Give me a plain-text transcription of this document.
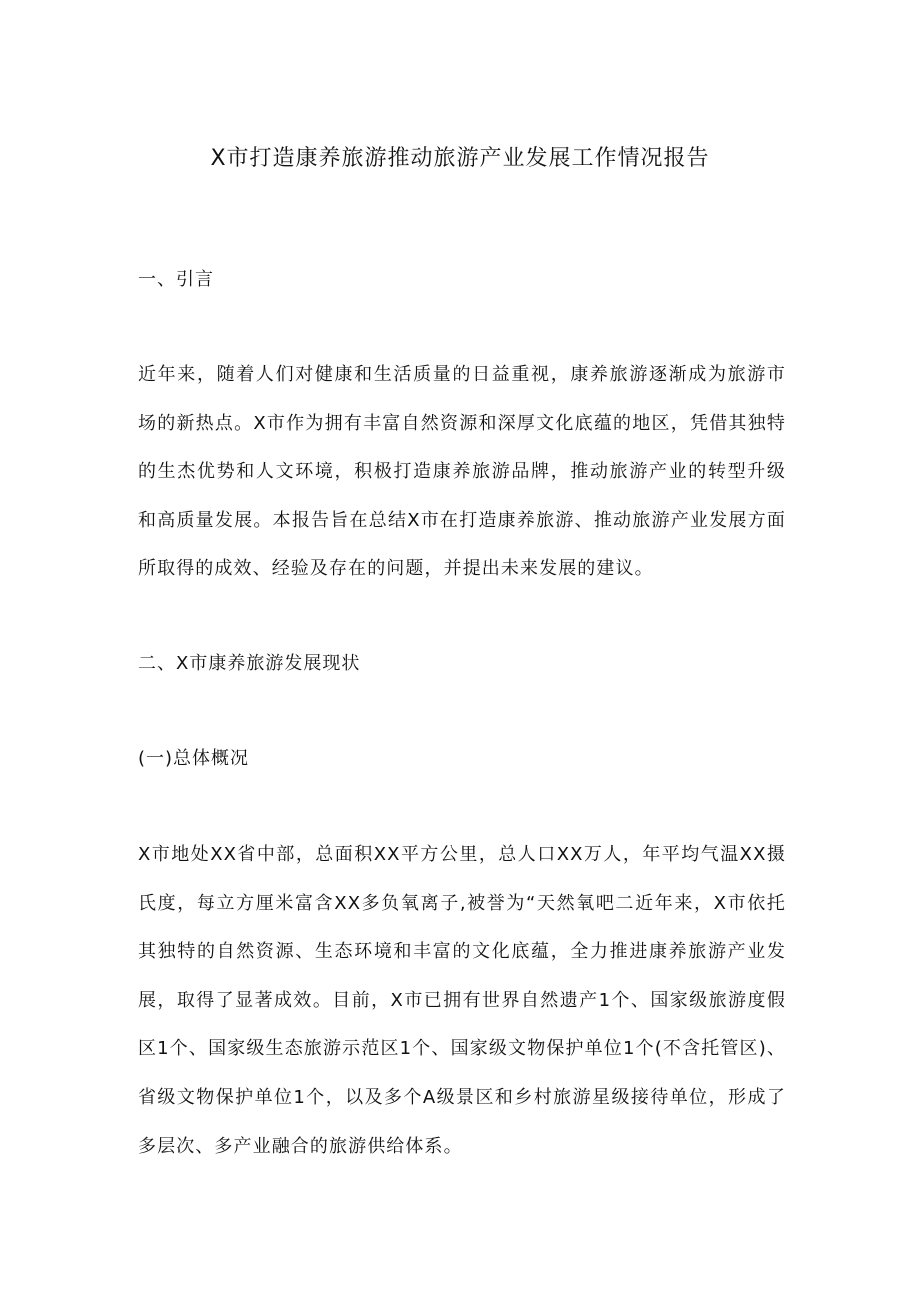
X市打造康养旅游推动旅游产业发展工作情况报告
一、引言

近年来，随着人们对健康和生活质量的日益重视，康养旅游逐渐成为旅游市场的新热点。X市作为拥有丰富自然资源和深厚文化底蕴的地区，凭借其独特的生杰优势和人文环境，积极打造康养旅游品牌，推动旅游产业的转型升级和高质量发展。本报告旨在总结X市在打造康养旅游、推动旅游产业发展方面所取得的成效、经验及存在的问题，并提出未来发展的建议。

二、X市康养旅游发展现状
(一)总体概况

X市地处XX省中部，总面积XX平方公里，总人口XX万人，年平均气温XX摄氏度，每立方厘米富含XX多负氧离子,被誉为“天然氧吧二近年来，X市依托其独特的自然资源、生态环境和丰富的文化底蕴，全力推进康养旅游产业发展，取得了显著成效。目前，X市已拥有世界自然遗产1个、国家级旅游度假区1个、国家级生态旅游示范区1个、国家级文物保护单位1个(不含托管区)、省级文物保护单位1个，以及多个A级景区和乡村旅游星级接待单位，形成了多层次、多产业融合的旅游供给体系。
